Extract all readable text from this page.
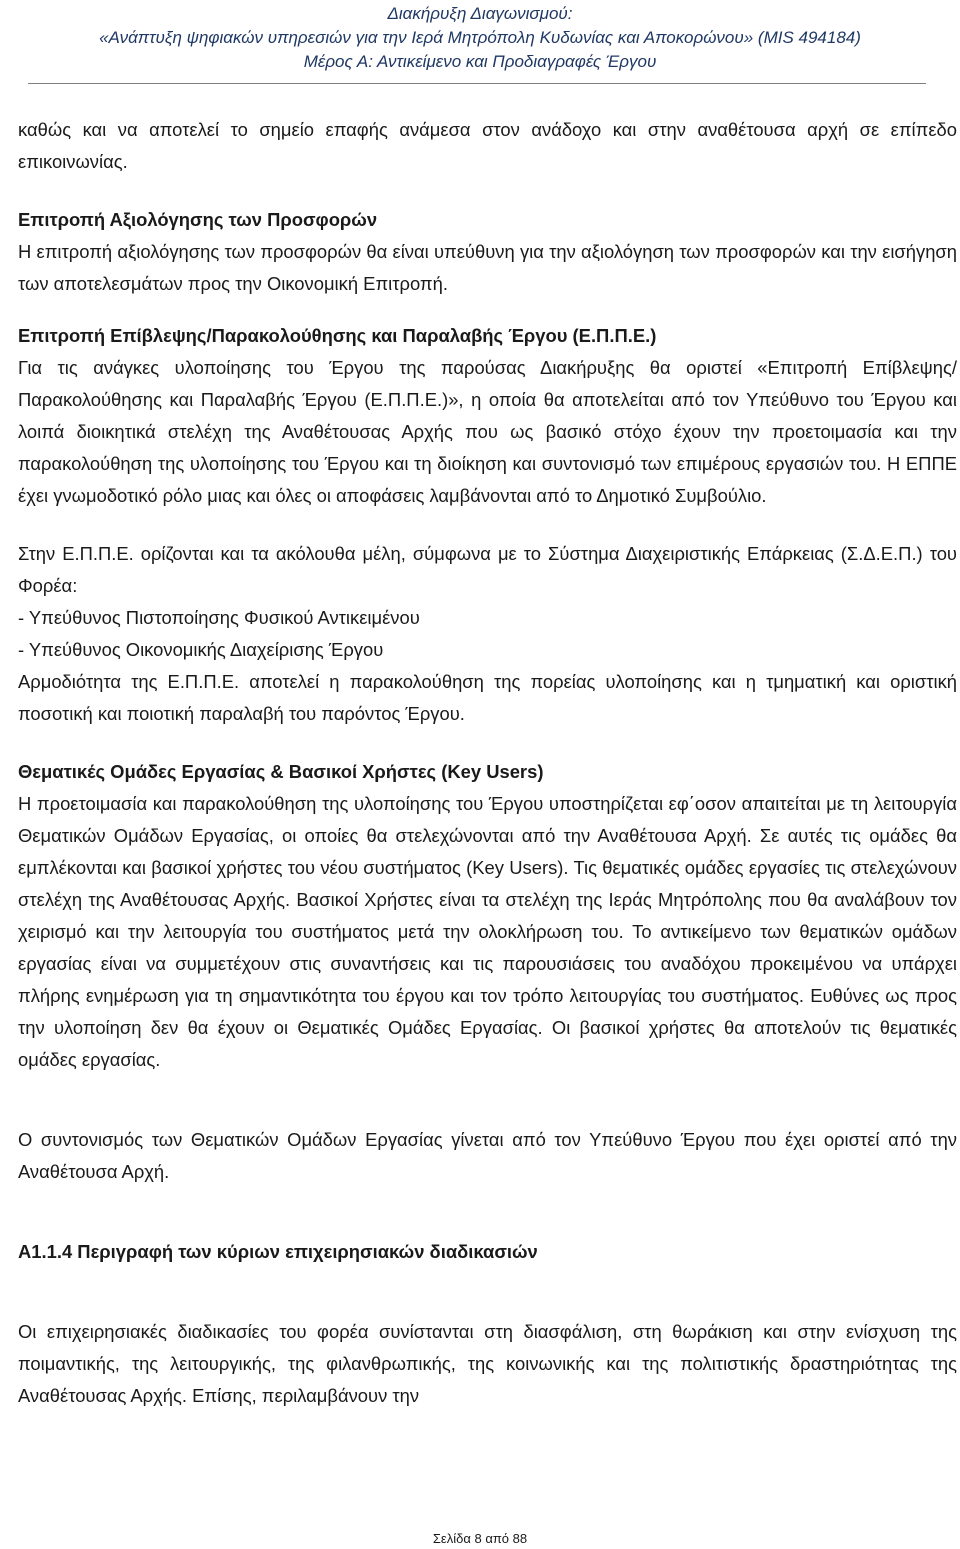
Διακήρυξη Διαγωνισμού:
«Ανάπτυξη ψηφιακών υπηρεσιών για την Ιερά Μητρόπολη Κυδωνίας και Αποκορώνου» (MIS 494184)
Μέρος Α: Αντικείμενο και Προδιαγραφές Έργου

καθώς και να αποτελεί το σημείο επαφής ανάμεσα στον ανάδοχο και στην αναθέτουσα αρχή σε επίπεδο επικοινωνίας.

Επιτροπή Αξιολόγησης των Προσφορών

Η επιτροπή αξιολόγησης των προσφορών θα είναι υπεύθυνη για την αξιολόγηση των προσφορών και την εισήγηση των αποτελεσμάτων προς την Οικονομική Επιτροπή.

Επιτροπή Επίβλεψης/Παρακολούθησης και Παραλαβής Έργου (Ε.Π.Π.Ε.)

Για τις ανάγκες υλοποίησης του Έργου της παρούσας Διακήρυξης θα οριστεί «Επιτροπή Επίβλεψης/Παρακολούθησης και Παραλαβής Έργου (Ε.Π.Π.Ε.)», η οποία θα αποτελείται από τον Υπεύθυνο του Έργου και λοιπά διοικητικά στελέχη της Αναθέτουσας Αρχής που ως βασικό στόχο έχουν την προετοιμασία και την παρακολούθηση της υλοποίησης του Έργου και τη διοίκηση και συντονισμό των επιμέρους εργασιών του. Η ΕΠΠΕ έχει γνωμοδοτικό ρόλο μιας και όλες οι αποφάσεις λαμβάνονται από το Δημοτικό Συμβούλιο.

Στην Ε.Π.Π.Ε. ορίζονται και τα ακόλουθα μέλη, σύμφωνα με το Σύστημα Διαχειριστικής Επάρκειας (Σ.Δ.Ε.Π.) του Φορέα:

- Υπεύθυνος Πιστοποίησης Φυσικού Αντικειμένου

- Υπεύθυνος Οικονομικής Διαχείρισης Έργου

Αρμοδιότητα της Ε.Π.Π.Ε. αποτελεί η παρακολούθηση της πορείας υλοποίησης και η τμηματική και οριστική ποσοτική και ποιοτική παραλαβή του παρόντος Έργου.

Θεματικές Ομάδες Εργασίας & Βασικοί Χρήστες (Key Users)

Η προετοιμασία και παρακολούθηση της υλοποίησης του Έργου υποστηρίζεται εφ΄οσον απαιτείται με τη λειτουργία Θεματικών Ομάδων Εργασίας, οι οποίες θα στελεχώνονται από την Αναθέτουσα Αρχή. Σε αυτές τις ομάδες θα εμπλέκονται και βασικοί χρήστες του νέου συστήματος (Key Users). Τις θεματικές ομάδες εργασίες τις στελεχώνουν στελέχη της Αναθέτουσας Αρχής. Βασικοί Χρήστες είναι τα στελέχη της Ιεράς Μητρόπολης που θα αναλάβουν τον χειρισμό και την λειτουργία του συστήματος μετά την ολοκλήρωση του. Το αντικείμενο των θεματικών ομάδων εργασίας είναι να συμμετέχουν στις συναντήσεις και τις παρουσιάσεις του αναδόχου προκειμένου να υπάρχει πλήρης ενημέρωση για τη σημαντικότητα του έργου και τον τρόπο λειτουργίας του συστήματος. Ευθύνες ως προς την υλοποίηση δεν θα έχουν οι Θεματικές Ομάδες Εργασίας. Οι βασικοί χρήστες θα αποτελούν τις θεματικές ομάδες εργασίας.

Ο συντονισμός των Θεματικών Ομάδων Εργασίας γίνεται από τον Υπεύθυνο Έργου που έχει οριστεί από την Αναθέτουσα Αρχή.

Α1.1.4 Περιγραφή των κύριων επιχειρησιακών διαδικασιών

Οι επιχειρησιακές διαδικασίες του φορέα συνίστανται στη διασφάλιση, στη θωράκιση και στην ενίσχυση της ποιμαντικής, της λειτουργικής, της φιλανθρωπικής, της κοινωνικής και της πολιτιστικής δραστηριότητας της Αναθέτουσας Αρχής. Επίσης, περιλαμβάνουν την

Σελίδα 8 από 88
